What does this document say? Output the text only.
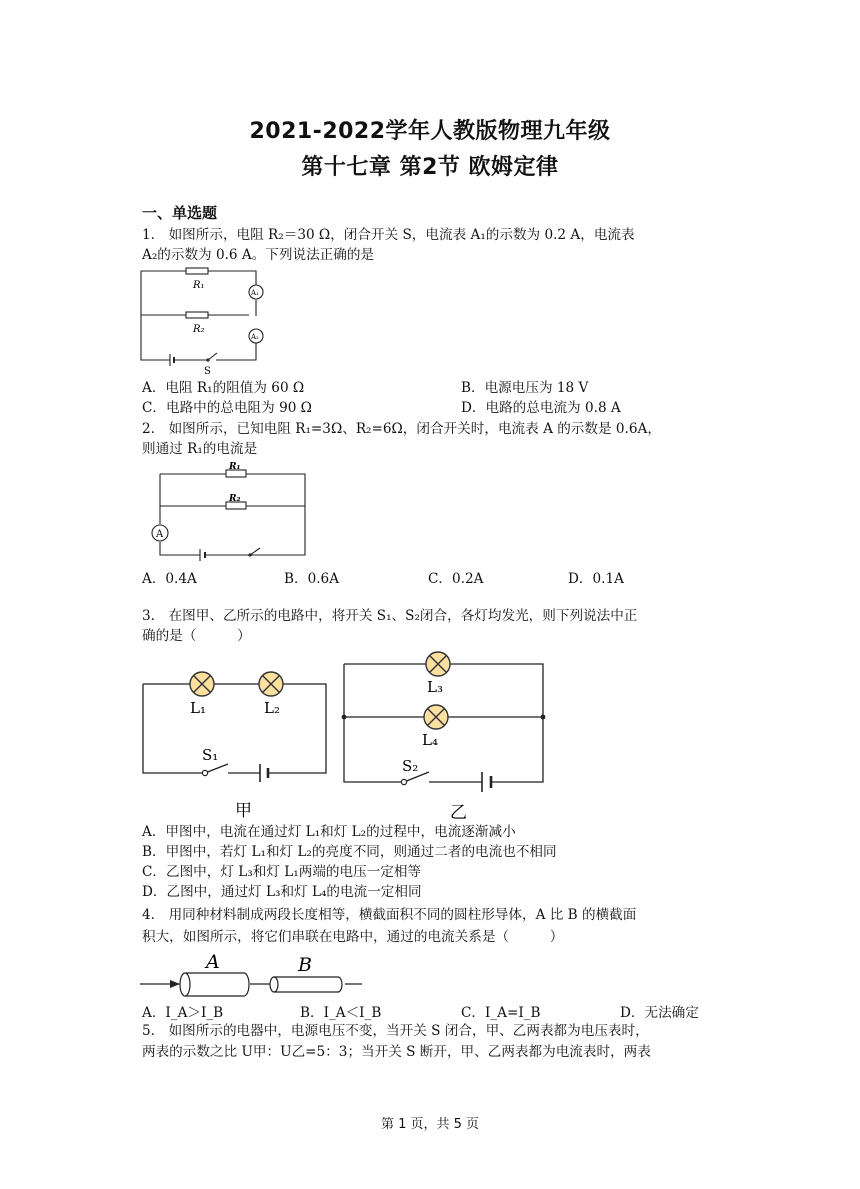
2021-2022学年人教版物理九年级
第十七章 第2节 欧姆定律
一、单选题
1.　如图所示，电阻 R₂＝30 Ω，闭合开关 S，电流表 A₁的示数为 0.2 A，电流表
A₂的示数为 0.6 A。下列说法正确的是
R₁
R₂
A₁
A₂
S
A．电阻 R₁的阻值为 60 Ω	B．电源电压为 18 V
C．电路中的总电阻为 90 Ω	D．电路的总电流为 0.8 A
2.　如图所示，已知电阻 R₁=3Ω、R₂=6Ω，闭合开关时，电流表 A 的示数是 0.6A，
则通过 R₁的电流是
R₁
R₂
A
A．0.4A	B．0.6A	C．0.2A	D．0.1A
3.　在图甲、乙所示的电路中，将开关 S₁、S₂闭合，各灯均发光，则下列说法中正
确的是（　　　）
L₁	L₂
S₁
甲
L₃
L₄
S₂
乙
A．甲图中，电流在通过灯 L₁和灯 L₂的过程中，电流逐渐减小
B．甲图中，若灯 L₁和灯 L₂的亮度不同，则通过二者的电流也不相同
C．乙图中，灯 L₃和灯 L₁两端的电压一定相等
D．乙图中，通过灯 L₃和灯 L₄的电流一定相同
4.　用同种材料制成两段长度相等，横截面积不同的圆柱形导体，A 比 B 的横截面
积大，如图所示，将它们串联在电路中，通过的电流关系是（　　　）
A	B
A．I_A＞I_B	B．I_A＜I_B	C．I_A=I_B	D．无法确定
5.　如图所示的电器中，电源电压不变，当开关 S 闭合，甲、乙两表都为电压表时，
两表的示数之比 U甲：U乙=5：3；当开关 S 断开，甲、乙两表都为电流表时，两表
第 1 页，共 5 页
